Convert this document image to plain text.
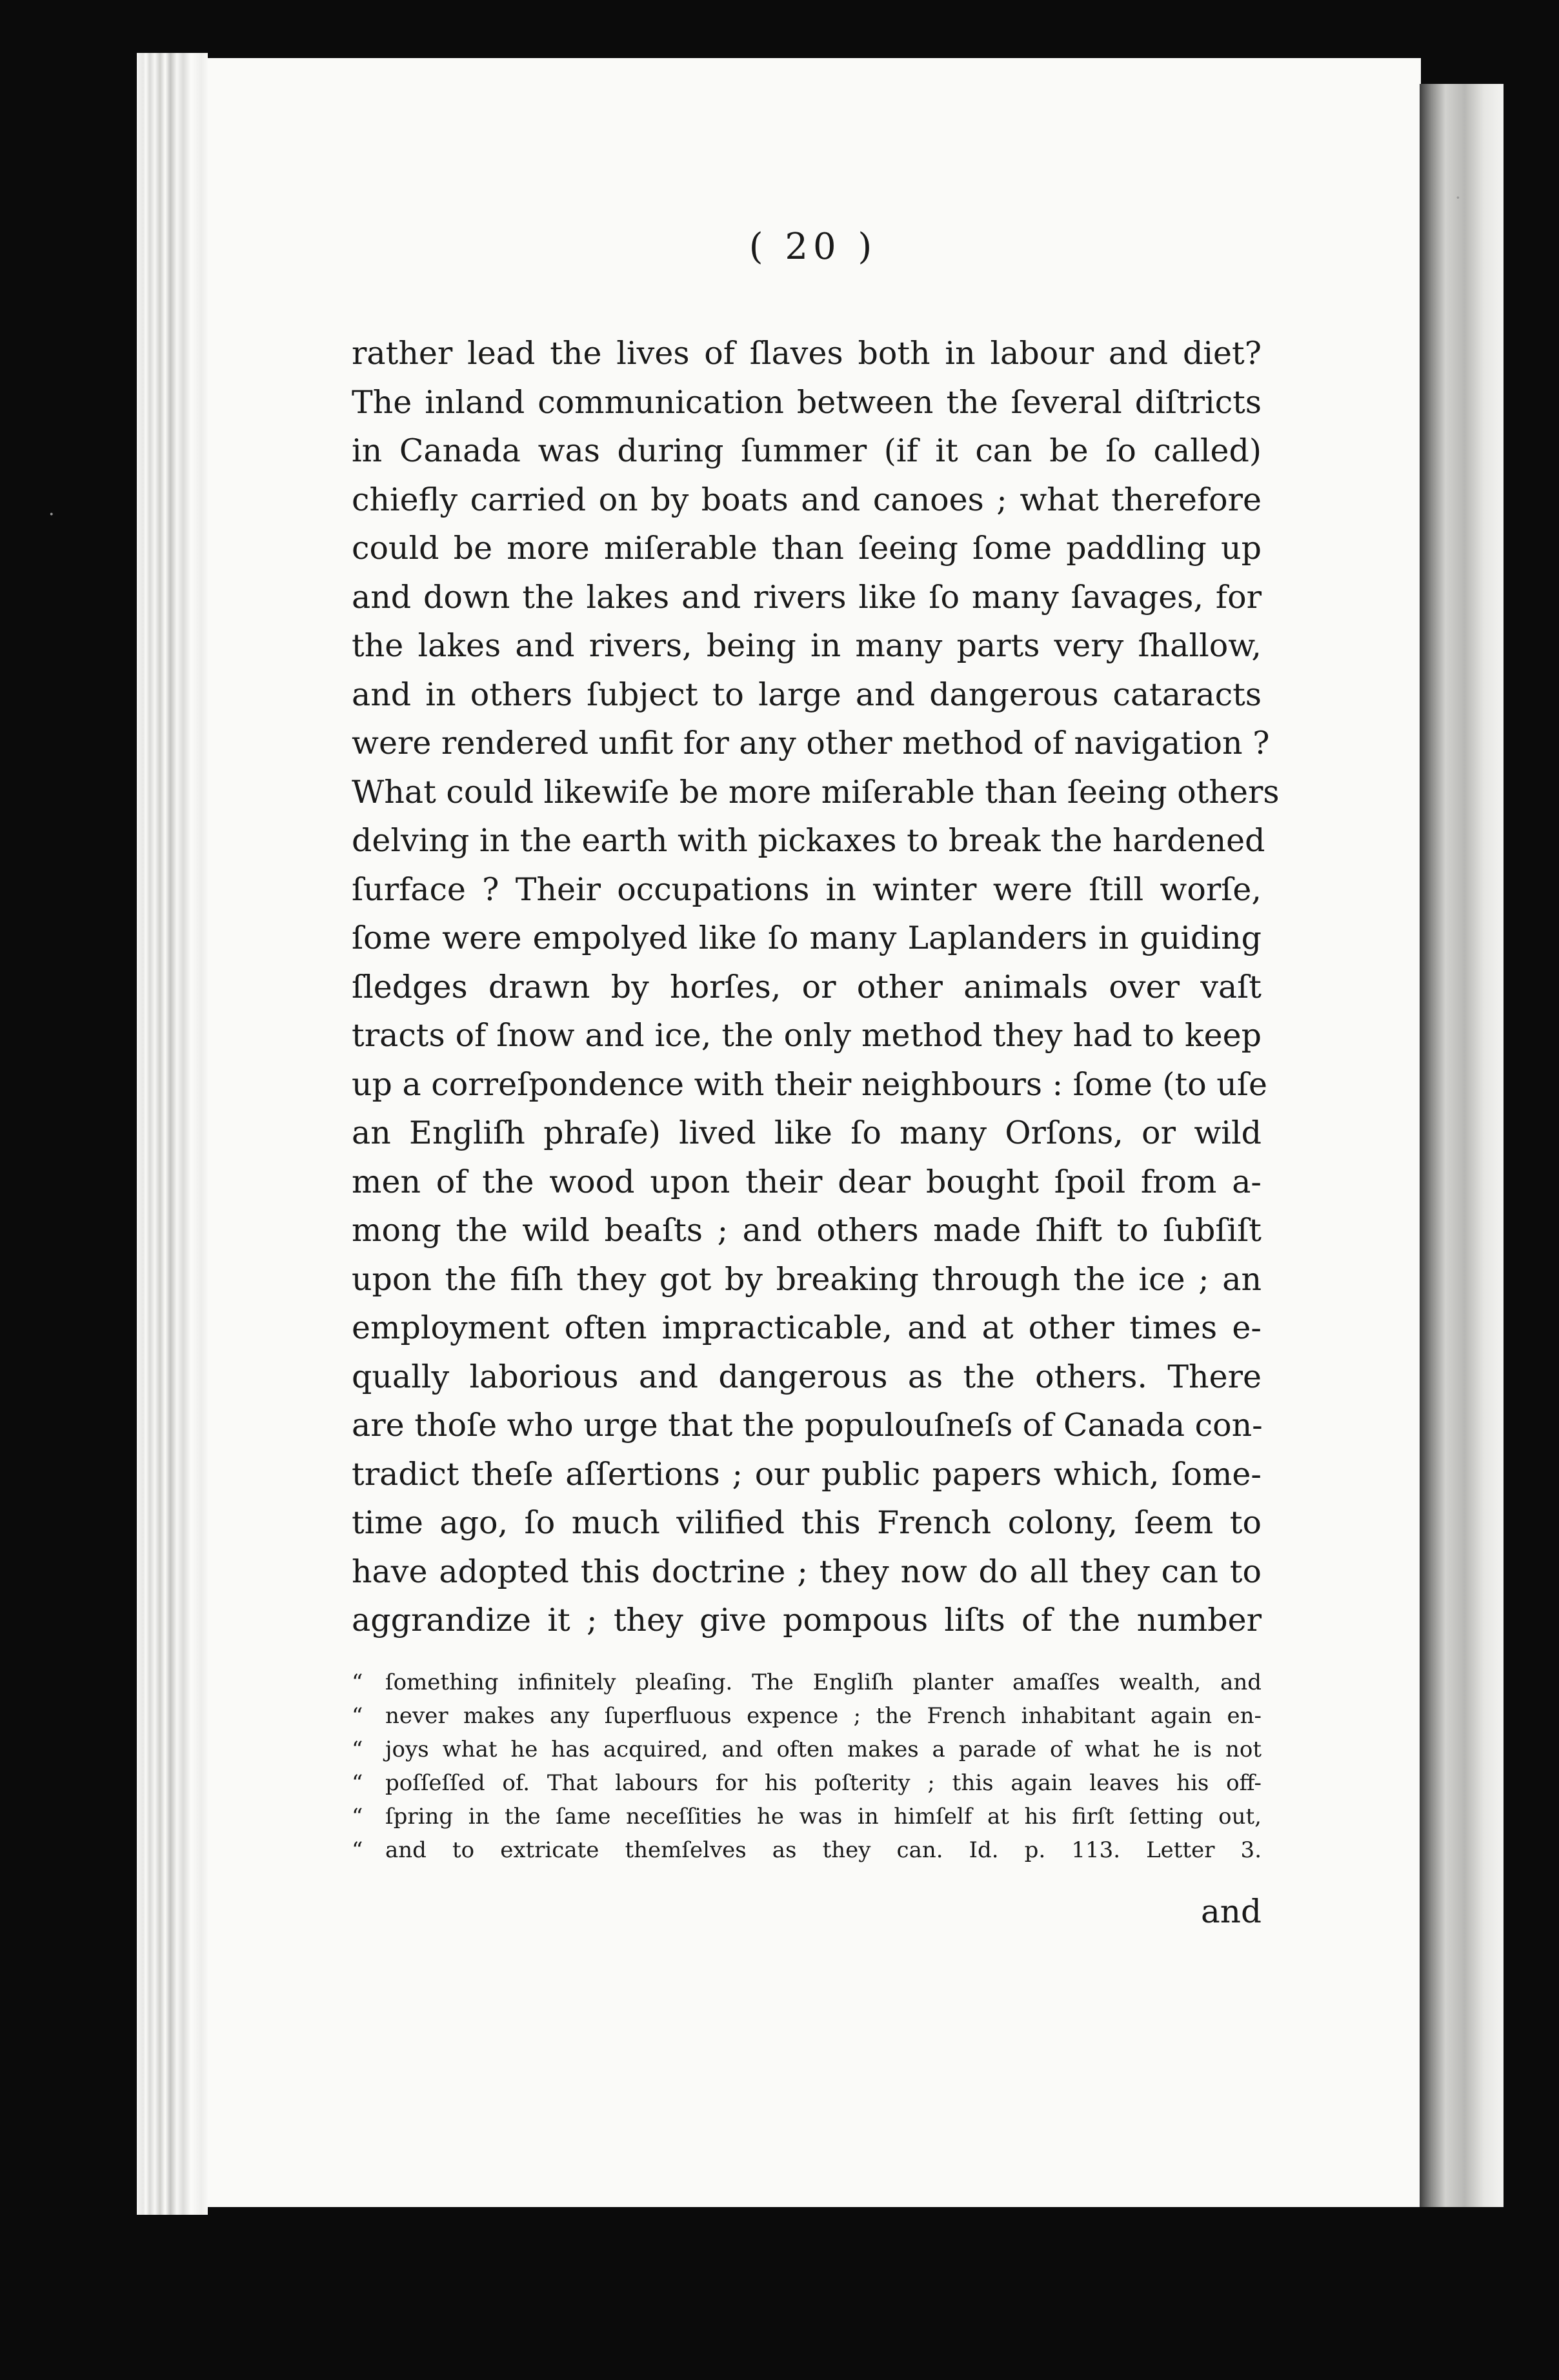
·
·
( 20 )
rather lead the lives of ſlaves both in labour and diet?
The inland communication between the ſeveral diſtricts
in Canada was during ſummer (if it can be ſo called)
chiefly carried on by boats and canoes ; what therefore
could be more miſerable than ſeeing ſome paddling up
and down the lakes and rivers like ſo many ſavages, for
the lakes and rivers, being in many parts very ſhallow,
and in others ſubject to large and dangerous cataracts
were rendered unfit for any other method of navigation ?
What could likewiſe be more miſerable than ſeeing others
delving in the earth with pickaxes to break the hardened
ſurface ? Their occupations in winter were ſtill worſe,
ſome were empolyed like ſo many Laplanders in guiding
ſledges drawn by horſes, or other animals over vaſt
tracts of ſnow and ice, the only method they had to keep
up a correſpondence with their neighbours : ſome (to uſe
an Engliſh phraſe) lived like ſo many Orſons, or wild
men of the wood upon their dear bought ſpoil from a-
mong the wild beaſts ; and others made ſhift to ſubſiſt
upon the fiſh they got by breaking through the ice ; an
employment often impracticable, and at other times e-
qually laborious and dangerous as the others. There
are thoſe who urge that the populouſneſs of Canada con-
tradict theſe aſſertions ; our public papers which, ſome-
time ago, ſo much vilified this French colony, ſeem to
have adopted this doctrine ; they now do all they can to
aggrandize it ; they give pompous liſts of the number
“	ſomething infinitely pleaſing. The Engliſh planter amaſſes wealth, and
“	never makes any ſuperfluous expence ; the French inhabitant again en-
“	joys what he has acquired, and often makes a parade of what he is not
“	poſſeſſed of. That labours for his poſterity ; this again leaves his off-
“	ſpring in the ſame neceſſities he was in himſelf at his firſt ſetting out,
“	and to extricate themſelves as they can. Id. p. 113. Letter 3.
and
